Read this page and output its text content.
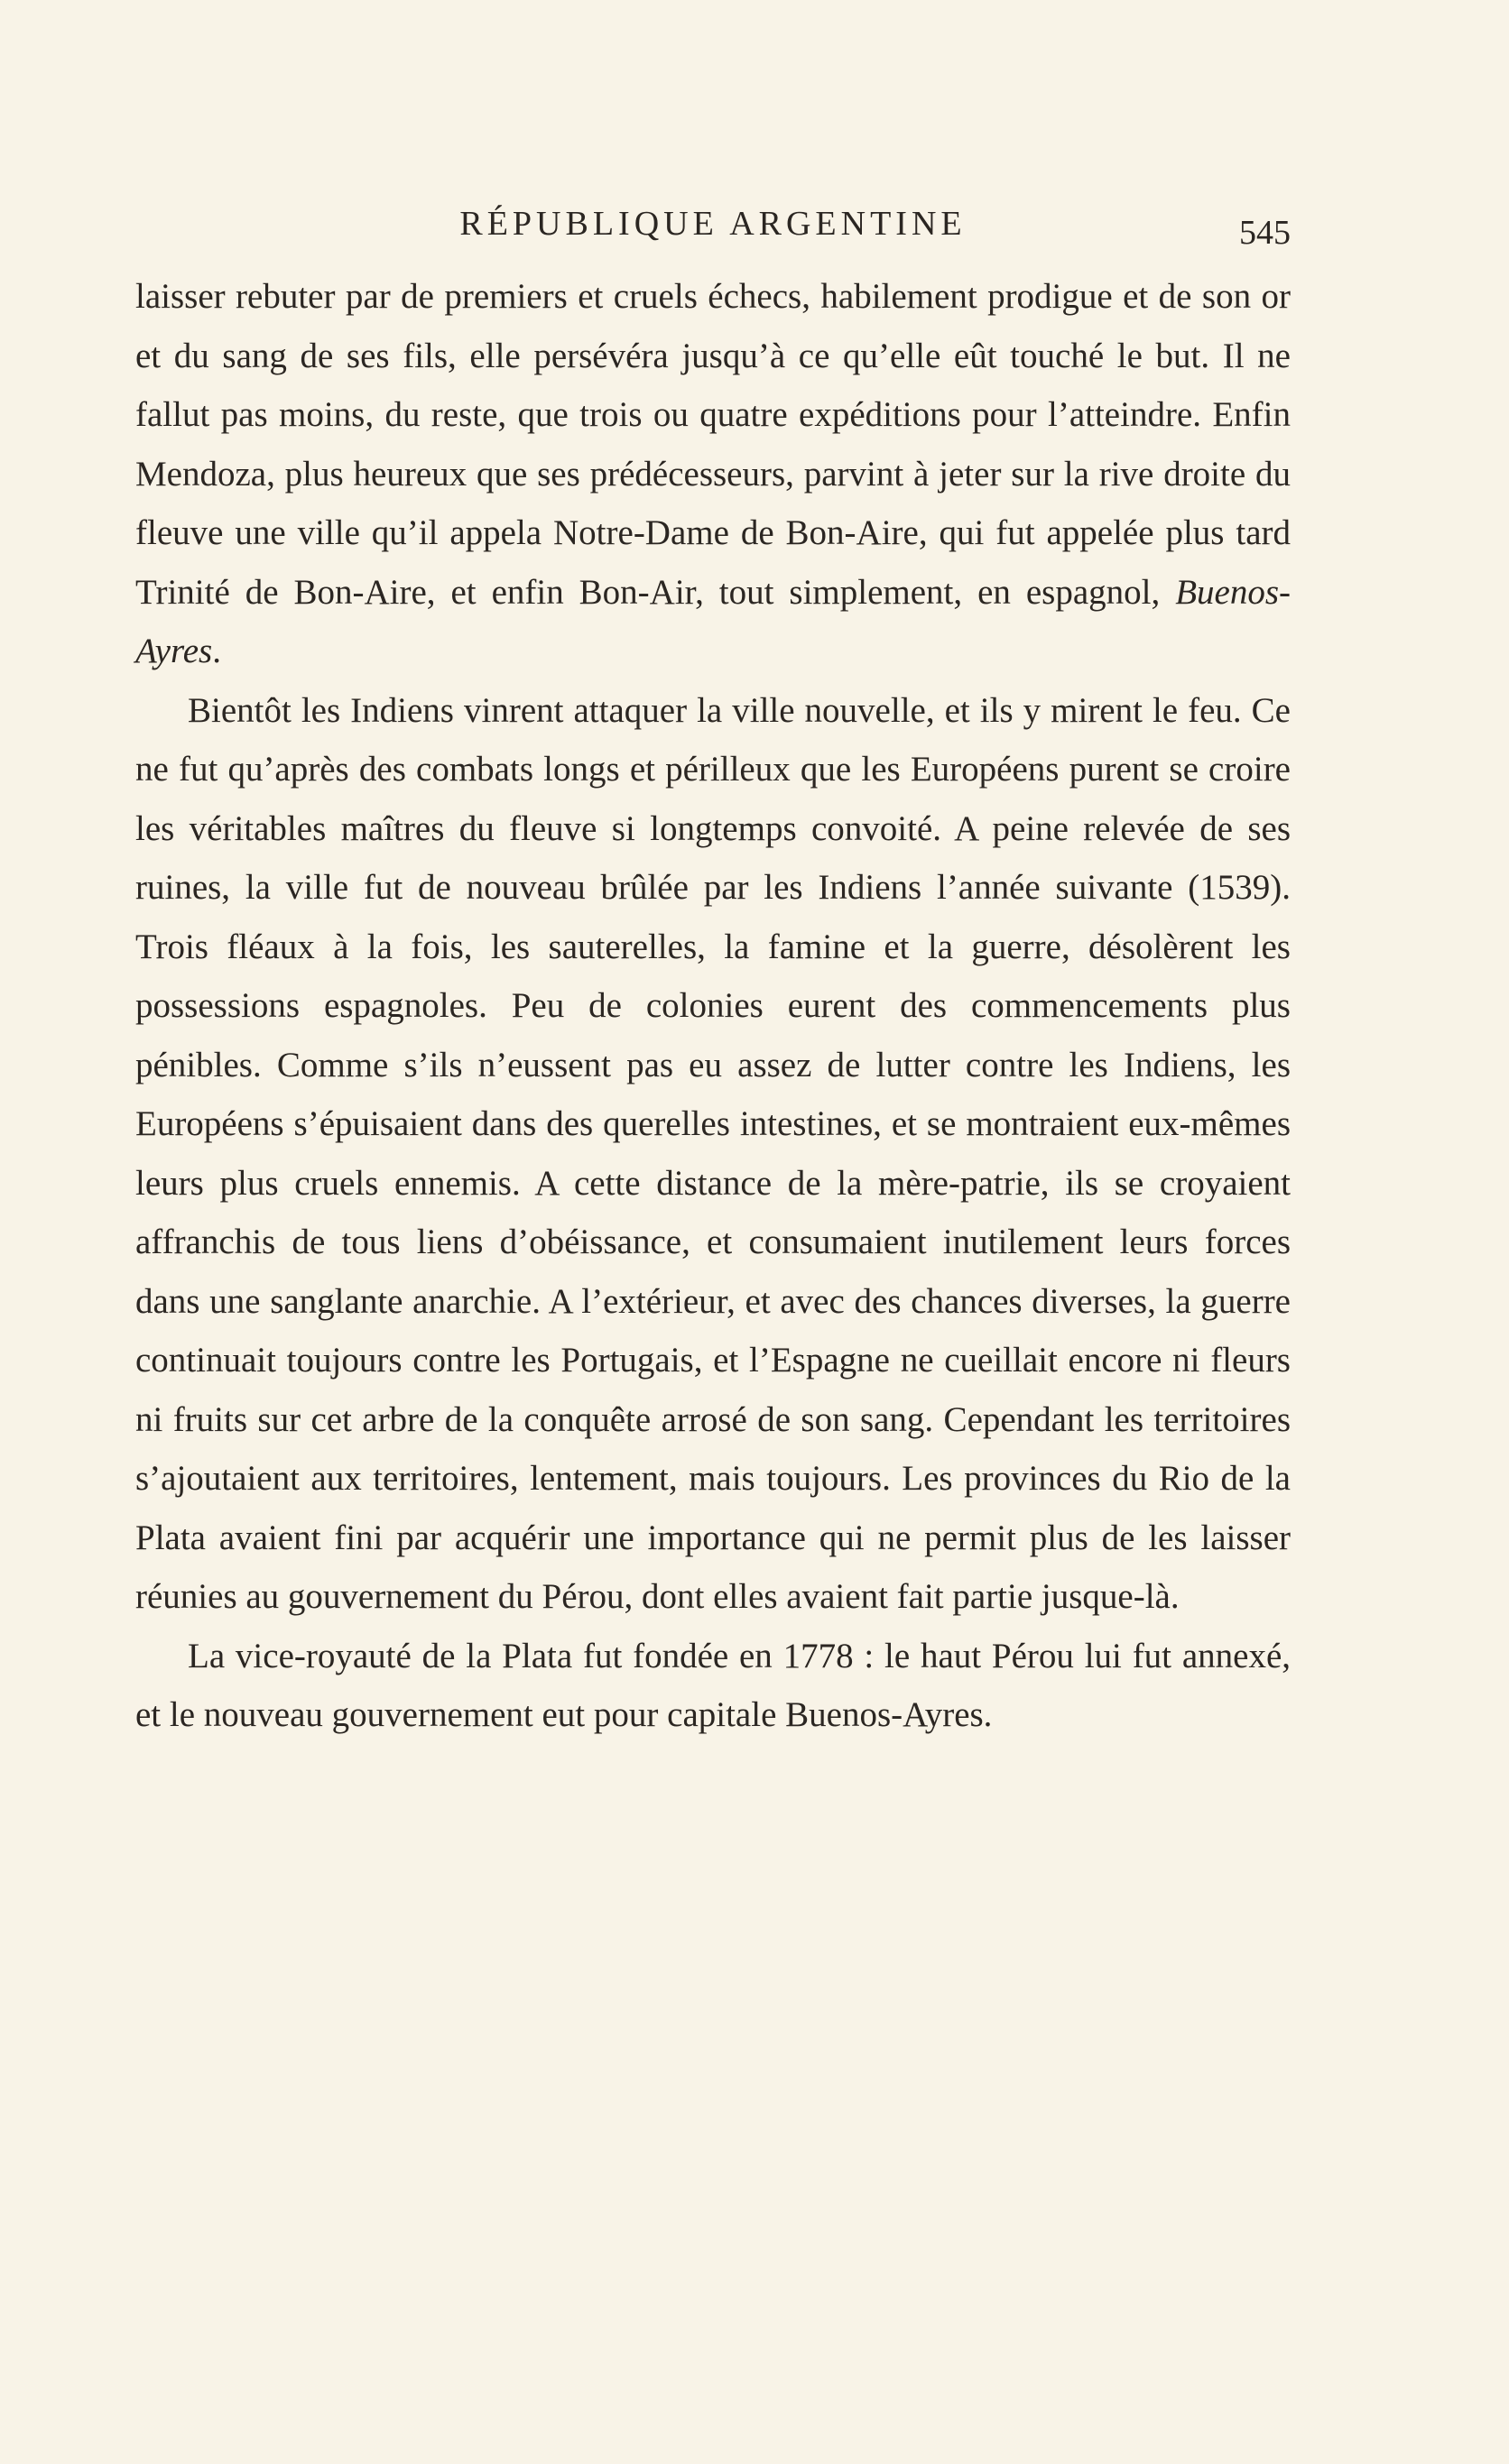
RÉPUBLIQUE ARGENTINE	545

laisser rebuter par de premiers et cruels échecs, habilement prodigue et de son or et du sang de ses fils, elle persévéra jusqu’à ce qu’elle eût touché le but. Il ne fallut pas moins, du reste, que trois ou quatre expéditions pour l’atteindre. Enfin Mendoza, plus heureux que ses prédécesseurs, parvint à jeter sur la rive droite du fleuve une ville qu’il appela Notre-Dame de Bon-Aire, qui fut appelée plus tard Trinité de Bon-Aire, et enfin Bon-Air, tout simplement, en espagnol, Buenos-Ayres.

Bientôt les Indiens vinrent attaquer la ville nouvelle, et ils y mirent le feu. Ce ne fut qu’après des combats longs et périlleux que les Européens purent se croire les véritables maîtres du fleuve si longtemps convoité. A peine relevée de ses ruines, la ville fut de nouveau brûlée par les Indiens l’année suivante (1539). Trois fléaux à la fois, les sauterelles, la famine et la guerre, désolèrent les possessions espagnoles. Peu de colonies eurent des commencements plus pénibles. Comme s’ils n’eussent pas eu assez de lutter contre les Indiens, les Européens s’épuisaient dans des querelles intestines, et se montraient eux-mêmes leurs plus cruels ennemis. A cette distance de la mère-patrie, ils se croyaient affranchis de tous liens d’obéissance, et consumaient inutilement leurs forces dans une sanglante anarchie. A l’extérieur, et avec des chances diverses, la guerre continuait toujours contre les Portugais, et l’Espagne ne cueillait encore ni fleurs ni fruits sur cet arbre de la conquête arrosé de son sang. Cependant les territoires s’ajoutaient aux territoires, lentement, mais toujours. Les provinces du Rio de la Plata avaient fini par acquérir une importance qui ne permit plus de les laisser réunies au gouvernement du Pérou, dont elles avaient fait partie jusque-là.

La vice-royauté de la Plata fut fondée en 1778 : le haut Pérou lui fut annexé, et le nouveau gouvernement eut pour capitale Buenos-Ayres.
